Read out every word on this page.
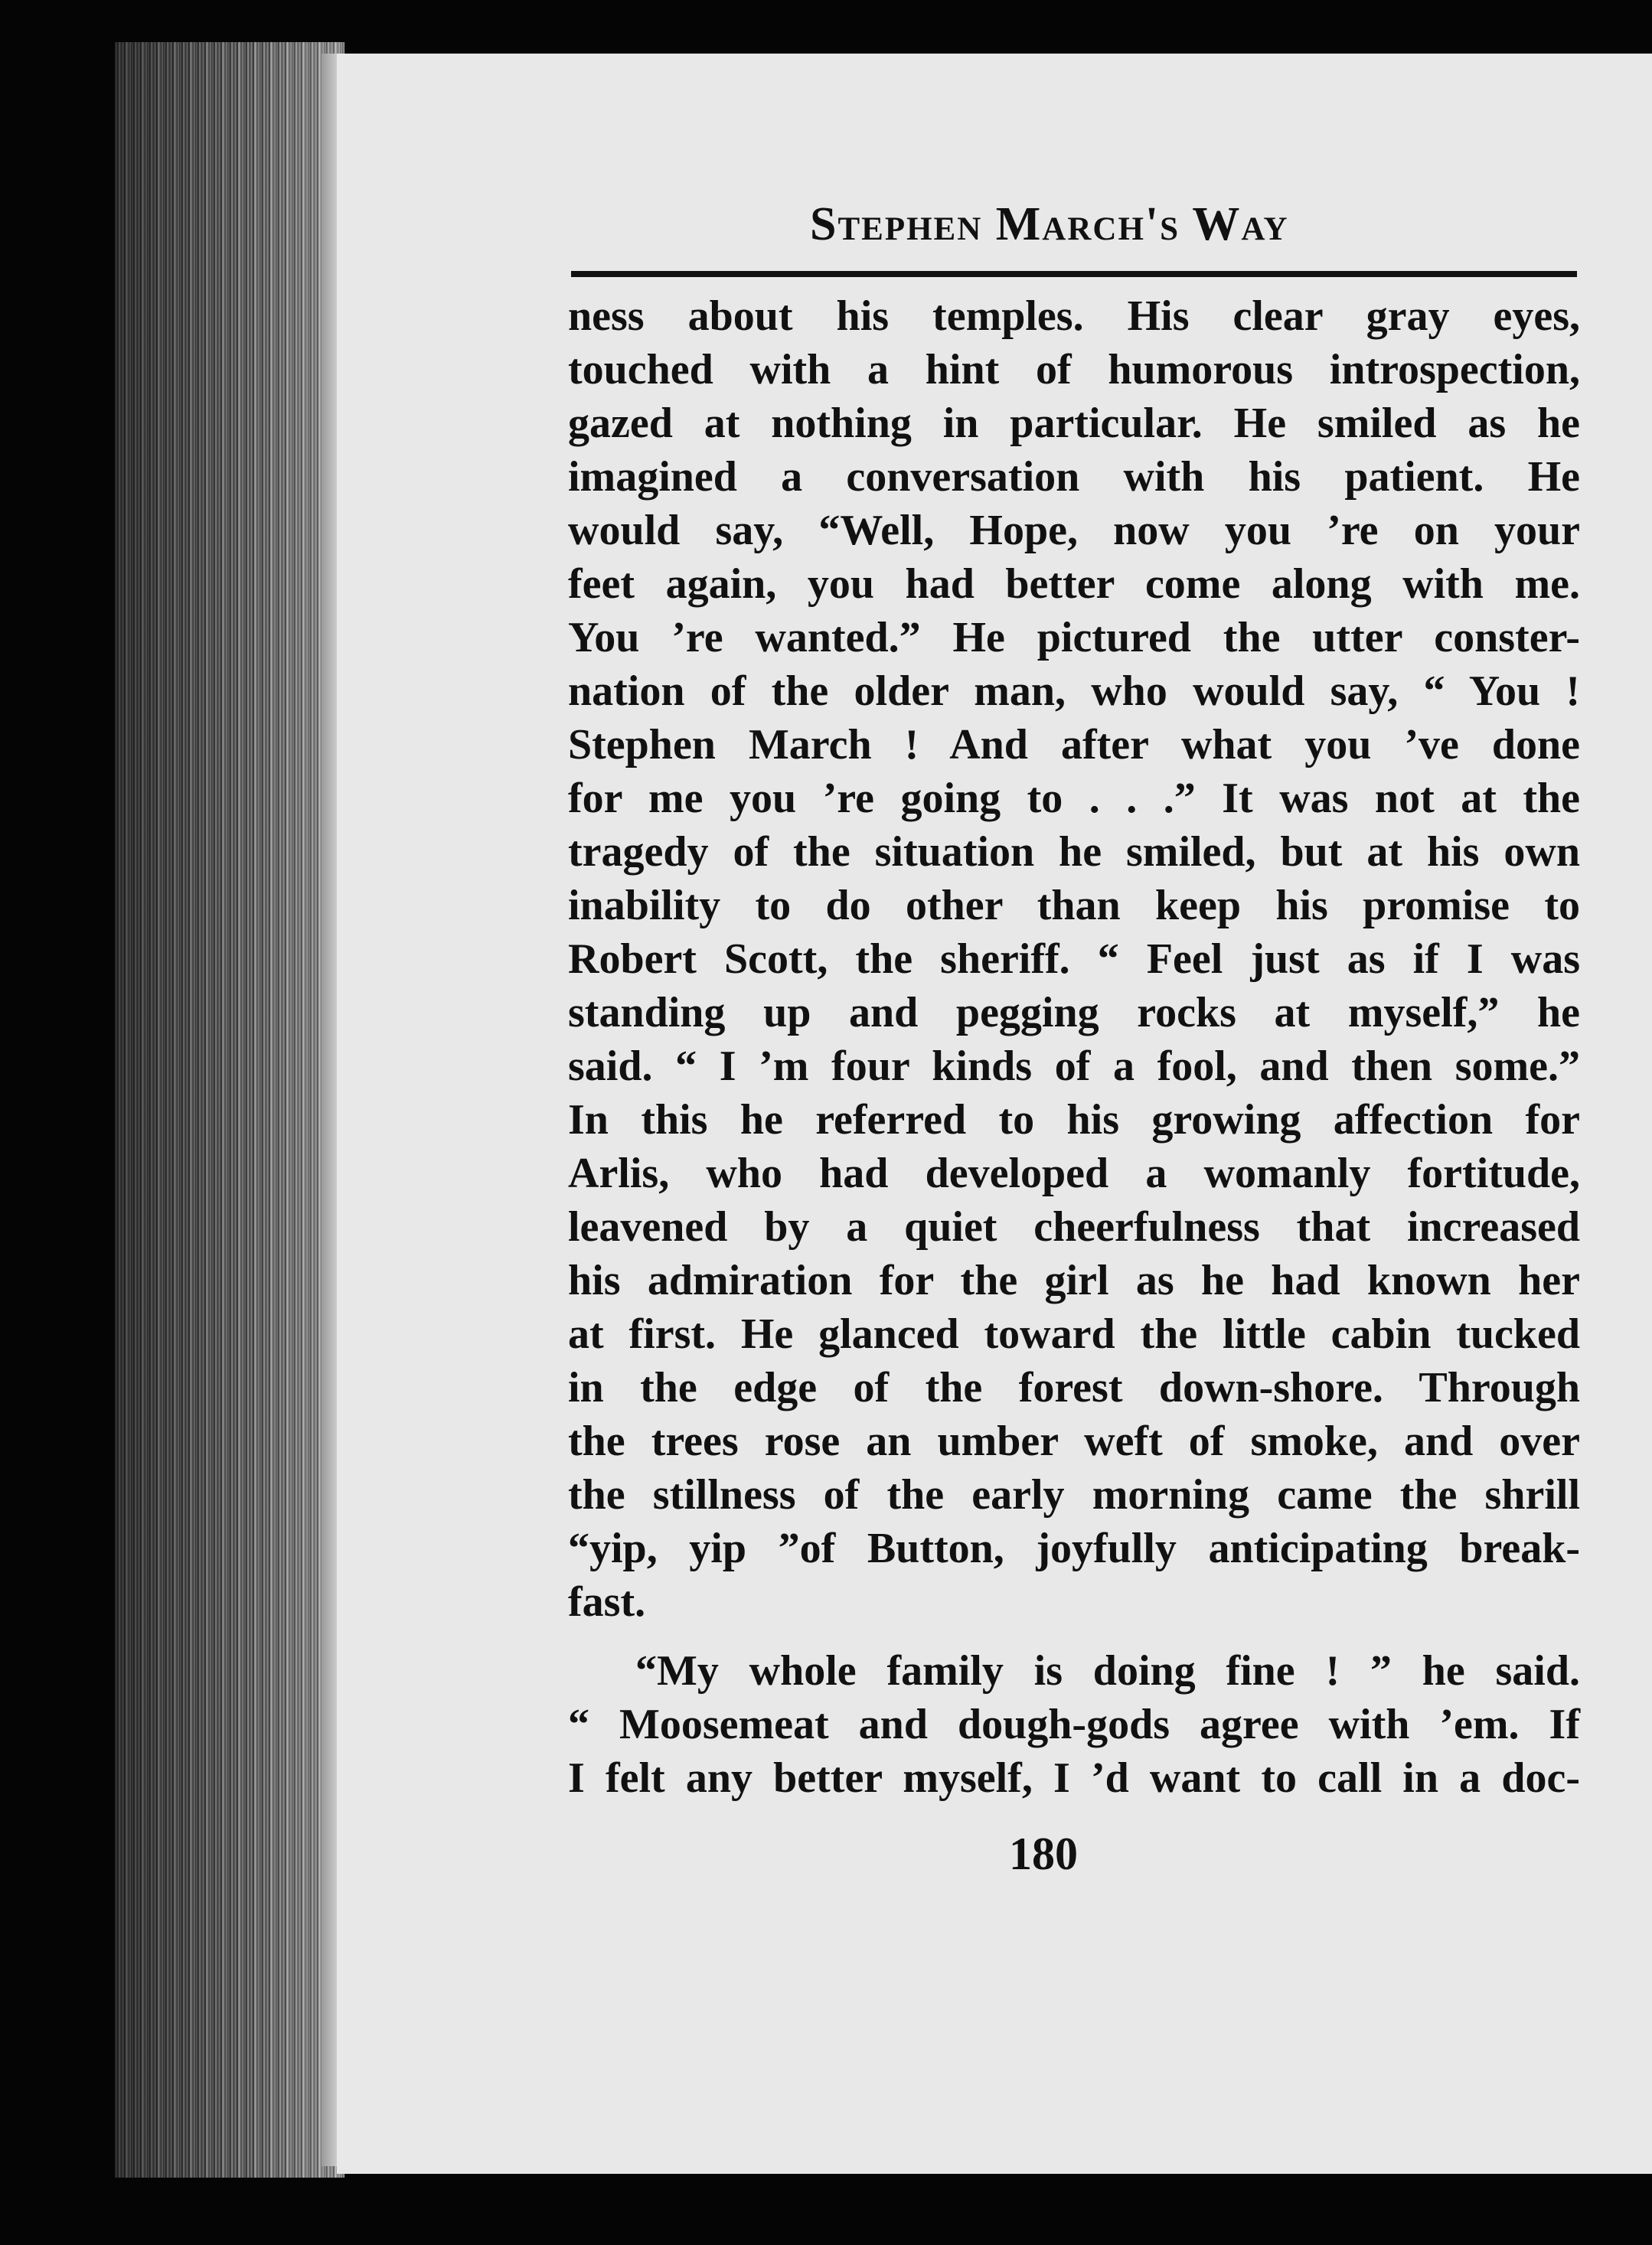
Stephen March's Way
ness about his temples. His clear gray eyes,
touched with a hint of humorous introspection,
gazed at nothing in particular. He smiled as he
imagined a conversation with his patient. He
would say, “Well, Hope, now you ’re on your
feet again, you had better come along with me.
You ’re wanted.” He pictured the utter conster-
nation of the older man, who would say, “ You !
Stephen March ! And after what you ’ve done
for me you ’re going to . . .” It was not at the
tragedy of the situation he smiled, but at his own
inability to do other than keep his promise to
Robert Scott, the sheriff. “ Feel just as if I was
standing up and pegging rocks at myself,” he
said. “ I ’m four kinds of a fool, and then some.”
In this he referred to his growing affection for
Arlis, who had developed a womanly fortitude,
leavened by a quiet cheerfulness that increased
his admiration for the girl as he had known her
at first. He glanced toward the little cabin tucked
in the edge of the forest down-shore. Through
the trees rose an umber weft of smoke, and over
the stillness of the early morning came the shrill
“yip, yip ”of Button, joyfully anticipating break-
fast.
“My whole family is doing fine ! ” he said.
“ Moosemeat and dough-gods agree with ’em. If
I felt any better myself, I ’d want to call in a doc-
180
